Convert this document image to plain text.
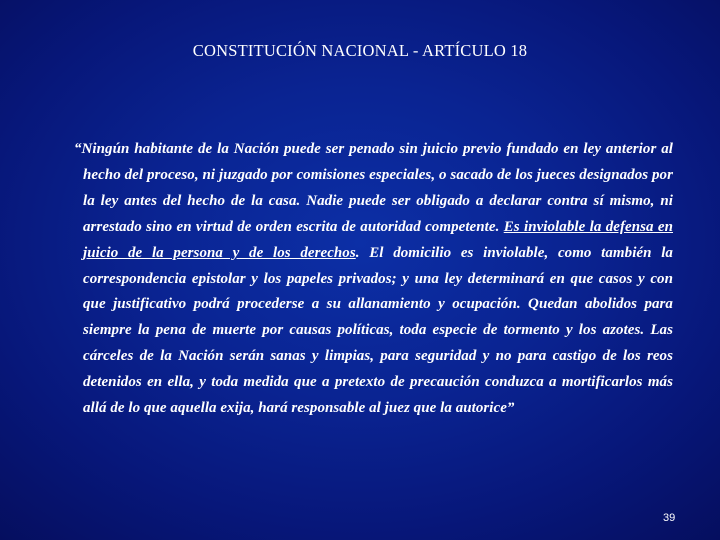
CONSTITUCIÓN NACIONAL - ARTÍCULO 18

“Ningún habitante de la Nación puede ser penado sin juicio previo fundado en ley anterior al hecho del proceso, ni juzgado por comisiones especiales, o sacado de los jueces designados por la ley antes del hecho de la casa. Nadie puede ser obligado a declarar contra sí mismo, ni arrestado sino en virtud de orden escrita de autoridad competente. Es inviolable la defensa en juicio de la persona y de los derechos. El domicilio es inviolable, como también la correspondencia epistolar y los papeles privados; y una ley determinará en que casos y con que justificativo podrá procederse a su allanamiento y ocupación. Quedan abolidos para siempre la pena de muerte por causas políticas, toda especie de tormento y los azotes. Las cárceles de la Nación serán sanas y limpias, para seguridad y no para castigo de los reos detenidos en ella, y toda medida que a pretexto de precaución conduzca a mortificarlos más allá de lo que aquella exija, hará responsable al juez que la autorice”

39
